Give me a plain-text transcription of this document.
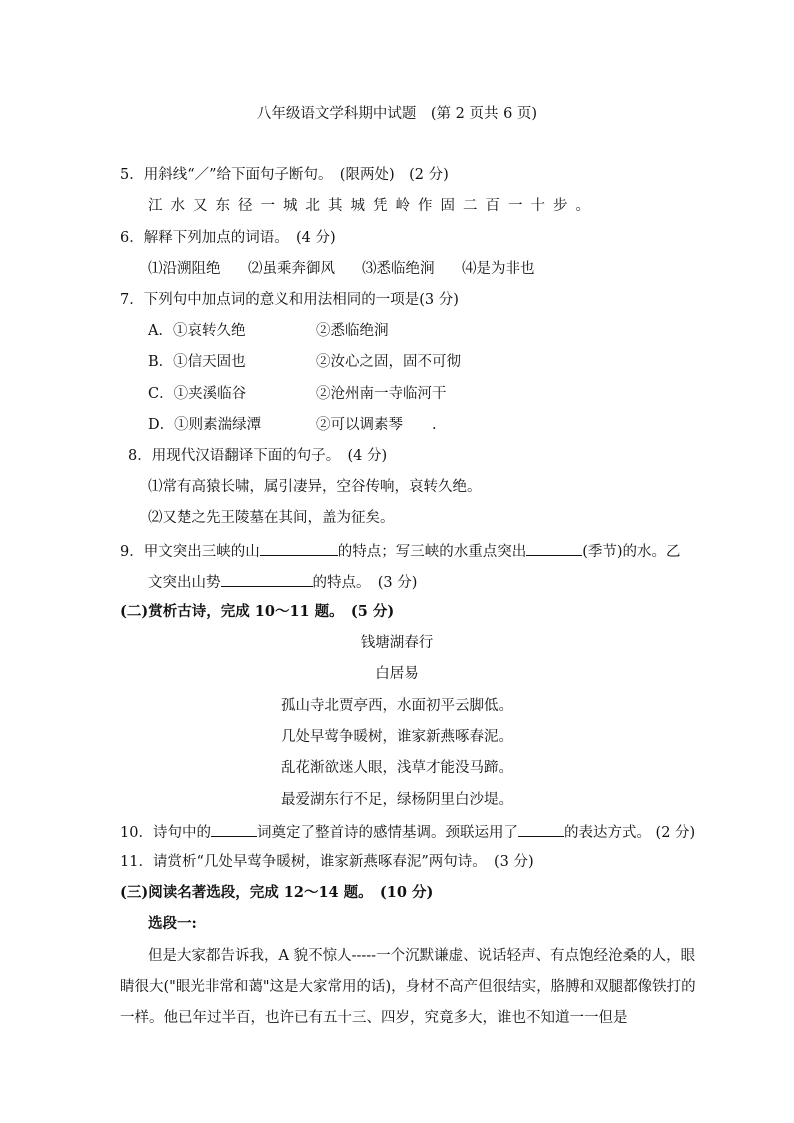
八年级语文学科期中试题　(第 2 页共 6 页)
5．用斜线“／”给下面句子断句。　(限两处)　(2 分)
江水又东径一城北其城凭岭作固二百一十步。
6．解释下列加点的词语。　(4 分)
⑴沿溯阻绝 ⑵虽乘奔御风 ⑶悉临绝涧 ⑷是为非也
7．下列句中加点词的意义和用法相同的一项是(3 分)
A．①哀转久绝	②悉临绝涧
B．①信天固也	②汝心之固，固不可彻
C．①夹溪临谷	②沧州南一寺临河干
D．①则素湍绿潭	②可以调素琴　　.
8．用现代汉语翻译下面的句子。　(4 分)
⑴常有高猿长啸，属引凄异，空谷传响，哀转久绝。
⑵又楚之先王陵墓在其间，盖为征矣。
9．甲文突出三峡的山	的特点；写三峡的水重点突出	(季节)的水。乙
文突出山势	的特点。　(3 分)
(二)赏析古诗，完成 10～11 题。　(5 分)
钱塘湖春行
白居易
孤山寺北贾亭西，水面初平云脚低。
几处早莺争暖树，谁家新燕啄春泥。
乱花渐欲迷人眼，浅草才能没马蹄。
最爱湖东行不足，绿杨阴里白沙堤。
10．诗句中的	词奠定了整首诗的感情基调。颈联运用了	的表达方式。 (2 分)
11．请赏析“几处早莺争暖树，谁家新燕啄春泥”两句诗。　(3 分)
(三)阅读名著选段，完成 12～14 题。　(10 分)
选段一:
但是大家都告诉我，A 貌不惊人-----一个沉默谦虚、说话轻声、有点饱经沧桑的人，眼
睛很大("眼光非常和蔼"这是大家常用的话)，身材不高产但很结实，胳膊和双腿都像铁打的
一样。他已年过半百，也许已有五十三、四岁，究竟多大，谁也不知道一一但是
